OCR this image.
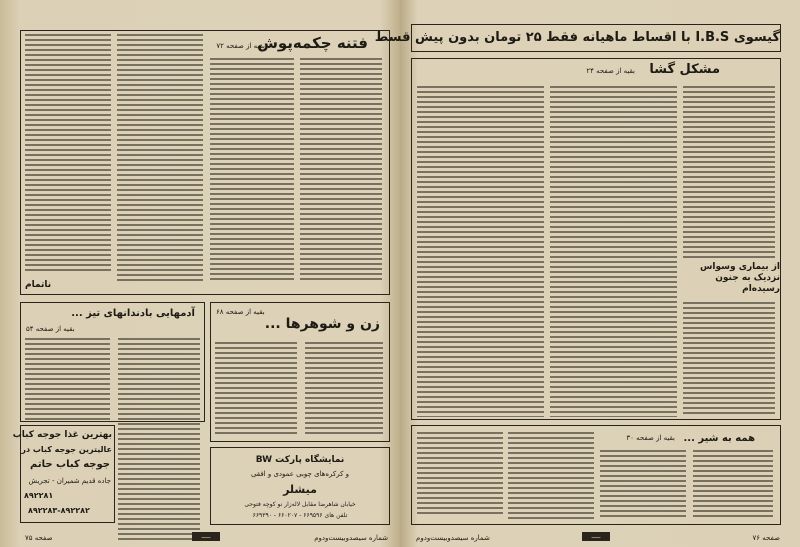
فتنه چکمه‌پوش
بقیه از صفحه ۷۲
ناتمام
آدمهایی بادندانهای تیز ...
بقیه از صفحه ۵۴
بهترین غذا جوجه کباب
عالیترین جوجه کباب در
جوجه کباب حاتم
جاده قدیم شمیران - تجریش
۸۹۲۲۸۱
۸۹۲۲۸۳-۸۹۲۲۸۲
زن و شوهرها ...
بقیه از صفحه ۶۸
نمایشگاه پارکت BW
و کرکره‌های چوبی عمودی و افقی
میشلر
خیابان شاهرضا مقابل لاله‌زار نو کوچه فتوحی
تلفن های ۶۶۹۵۹۶ - ۶۶۰۲۰۷ - ۶۶۹۳۹۰
صفحه ۷۵	ـــــ	شماره سیصدوبیست‌ودوم
گیسوی I.B.S با اقساط ماهیانه فقط ۲۵ تومان بدون پیش قسط
مشکل گشا
بقیه از صفحه ۲۴
از بیماری وسواس نزدیک به جنون رسیده‌ام
همه به شیر ...
بقیه از صفحه ۳۰
صفحه ۷۶
ـــــ
شماره سیصدوبیست‌ودوم
